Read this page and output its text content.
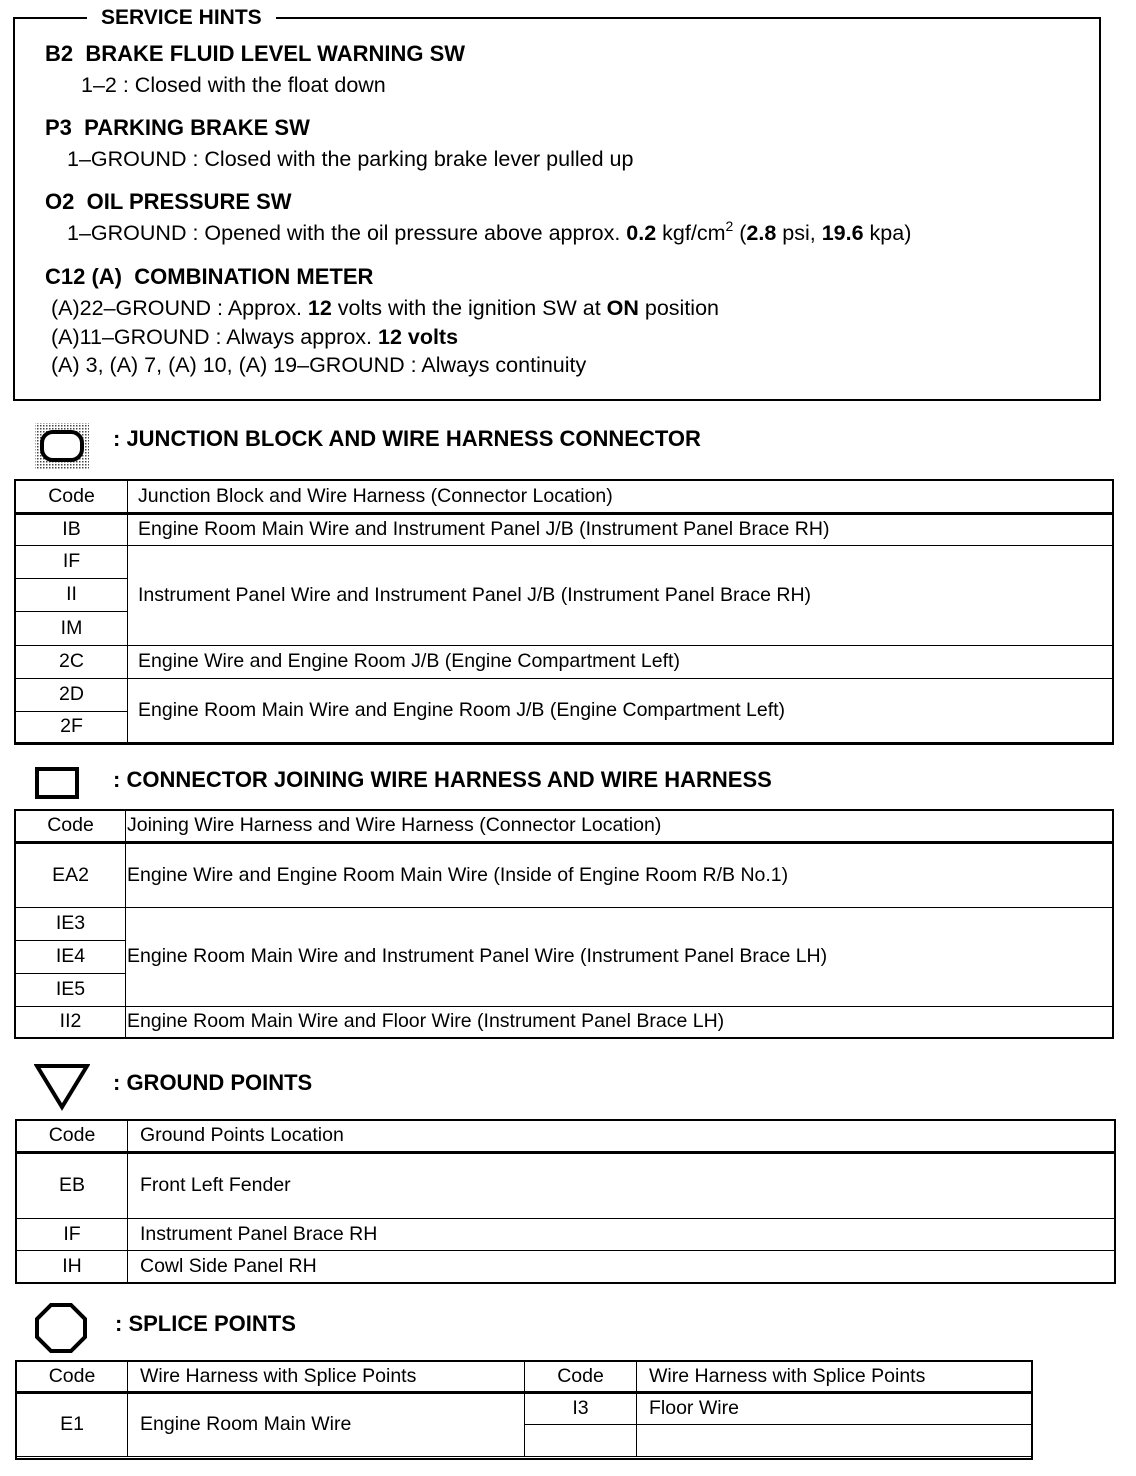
SERVICE HINTS
B2 BRAKE FLUID LEVEL WARNING SW
1–2 : Closed with the float down
P3 PARKING BRAKE SW
1–GROUND : Closed with the parking brake lever pulled up
O2 OIL PRESSURE SW
1–GROUND : Opened with the oil pressure above approx. 0.2 kgf/$cm^2$ (2.8 psi, 19.6 kpa)
C12 (A) COMBINATION METER
(A)22–GROUND : Approx. 12 volts with the ignition SW at ON position
(A)11–GROUND : Always approx. 12 volts
(A) 3, (A) 7, (A) 10, (A) 19–GROUND : Always continuity
: JUNCTION BLOCK AND WIRE HARNESS CONNECTOR
Code	Junction Block and Wire Harness (Connector Location)
IB	Engine Room Main Wire and Instrument Panel J/B (Instrument Panel Brace RH)
IF	Instrument Panel Wire and Instrument Panel J/B (Instrument Panel Brace RH)
II	
IM	
2C	Engine Wire and Engine Room J/B (Engine Compartment Left)
2D	Engine Room Main Wire and Engine Room J/B (Engine Compartment Left)
2F	
: CONNECTOR JOINING WIRE HARNESS AND WIRE HARNESS
Code	Joining Wire Harness and Wire Harness (Connector Location)
EA2	Engine Wire and Engine Room Main Wire (Inside of Engine Room R/B No.1)
IE3	Engine Room Main Wire and Instrument Panel Wire (Instrument Panel Brace LH)
IE4	
IE5	
II2	Engine Room Main Wire and Floor Wire (Instrument Panel Brace LH)
: GROUND POINTS
Code	Ground Points Location
EB	Front Left Fender
IF	Instrument Panel Brace RH
IH	Cowl Side Panel RH
: SPLICE POINTS
Code	Wire Harness with Splice Points	Code	Wire Harness with Splice Points
E1	Engine Room Main Wire	I3	Floor Wire
